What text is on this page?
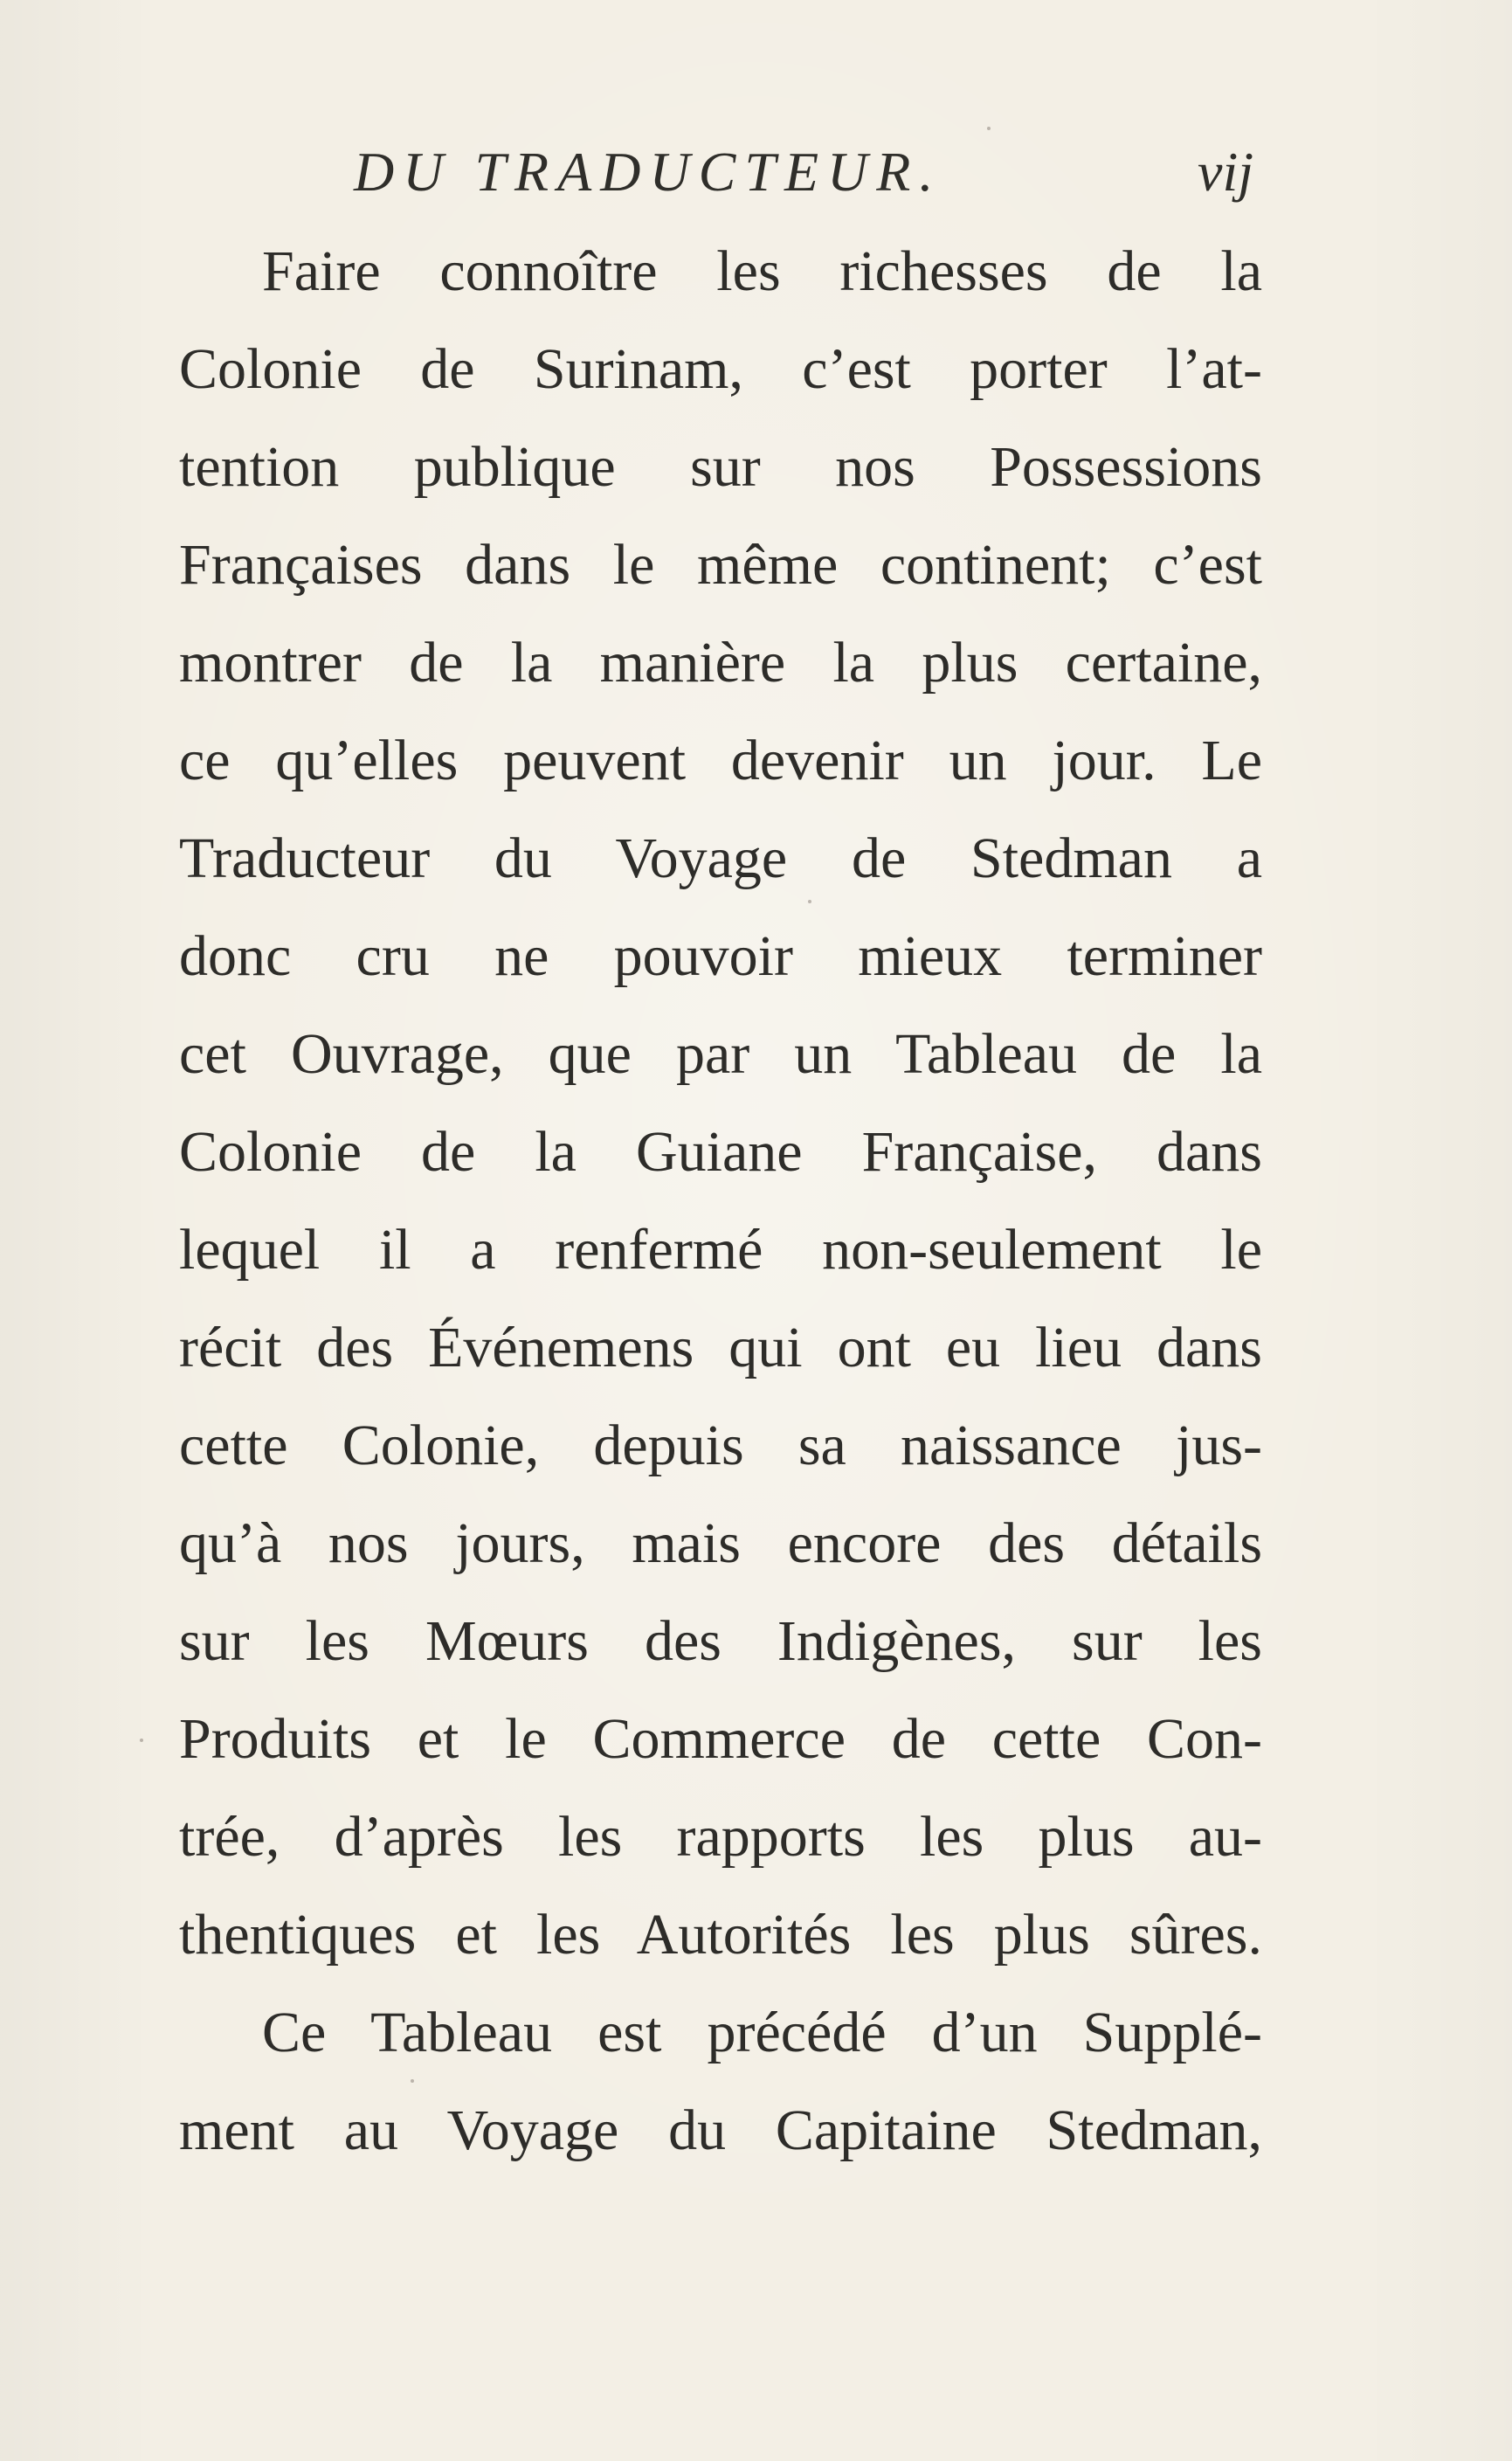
DU TRADUCTEUR.	vij
Faire connoître les richesses de la
Colonie de Surinam, c’est porter l’at-
tention publique sur nos Possessions
Françaises dans le même continent; c’est
montrer de la manière la plus certaine,
ce qu’elles peuvent devenir un jour. Le
Traducteur du Voyage de Stedman a
donc cru ne pouvoir mieux terminer
cet Ouvrage, que par un Tableau de la
Colonie de la Guiane Française, dans
lequel il a renfermé non-seulement le
récit des Événemens qui ont eu lieu dans
cette Colonie, depuis sa naissance jus-
qu’à nos jours, mais encore des détails
sur les Mœurs des Indigènes, sur les
Produits et le Commerce de cette Con-
trée, d’après les rapports les plus au-
thentiques et les Autorités les plus sûres.
Ce Tableau est précédé d’un Supplé-
ment au Voyage du Capitaine Stedman,
